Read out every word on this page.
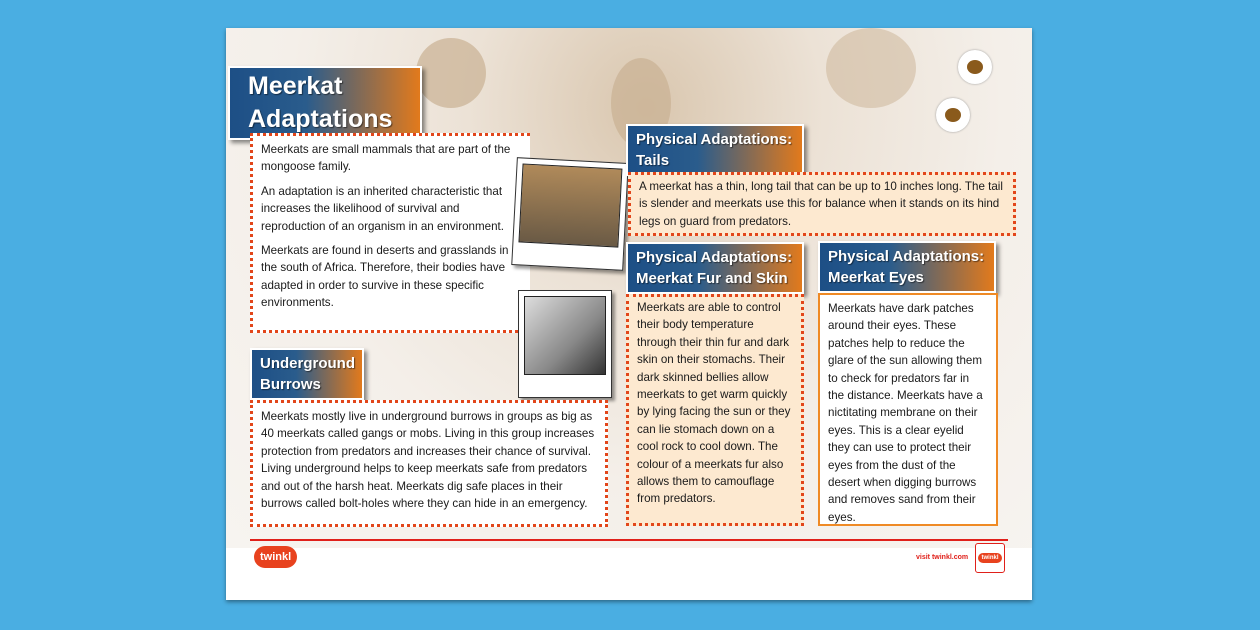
Meerkat
Adaptations

Meerkats are small mammals that are part of the mongoose family.

An adaptation is an inherited characteristic that increases the likelihood of survival and reproduction of an organism in an environment.

Meerkats are found in deserts and grasslands in the south of Africa. Therefore, their bodies have adapted in order to survive in these specific environments.

Underground
Burrows

Meerkats mostly live in underground burrows in groups as big as 40 meerkats called gangs or mobs. Living in this group increases protection from predators and increases their chance of survival. Living underground helps to keep meerkats safe from predators and out of the harsh heat. Meerkats dig safe places in their burrows called bolt-holes where they can hide in an emergency.

Physical Adaptations:
Tails

A meerkat has a thin, long tail that can be up to 10 inches long. The tail is slender and meerkats use this for balance when it stands on its hind legs on guard from predators.

Physical Adaptations:
Meerkat Fur and Skin

Meerkats are able to control their body temperature through their thin fur and dark skin on their stomachs. Their dark skinned bellies allow meerkats to get warm quickly by lying facing the sun or they can lie stomach down on a cool rock to cool down. The colour of a meerkats fur also allows them to camouflage from predators.

Physical Adaptations:
Meerkat Eyes

Meerkats have dark patches around their eyes. These patches help to reduce the glare of the sun allowing them to check for predators far in the distance. Meerkats have a nictitating membrane on their eyes. This is a clear eyelid they can use to protect their eyes from the dust of the desert when digging burrows and removes sand from their eyes.

twinkl	visit twinkl.com	twinkl
